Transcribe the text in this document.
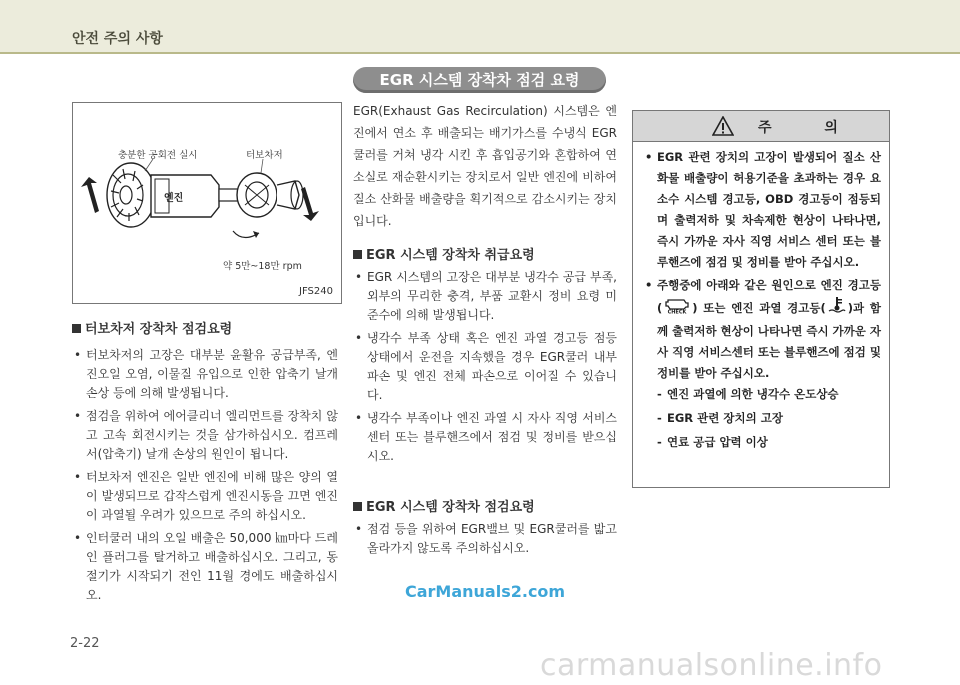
안전 주의 사항
충분한 공회전 실시	터보차저
엔진
약 5만~18만 rpm
JFS240
터보차저 장착차 점검요령
• 터보차저의 고장은 대부분 윤활유 공급부족, 엔진오일 오염, 이물질 유입으로 인한 압축기 날개 손상 등에 의해 발생됩니다.
• 점검을 위하여 에어클리너 엘리먼트를 장착치 않고 고속 회전시키는 것을 삼가하십시오. 컴프레서(압축기) 날개 손상의 원인이 됩니다.
• 터보차저 엔진은 일반 엔진에 비해 많은 양의 열이 발생되므로 갑작스럽게 엔진시동을 끄면 엔진이 과열될 우려가 있으므로 주의 하십시오.
• 인터쿨러 내의 오일 배출은 50,000 ㎞마다 드레인 플러그를 탈거하고 배출하십시오. 그리고, 동절기가 시작되기 전인 11월 경에도 배출하십시오.
EGR 시스템 장착차 점검 요령

EGR(Exhaust Gas Recirculation) 시스템은 엔진에서 연소 후 배출되는 배기가스를 수냉식 EGR 쿨러를 거쳐 냉각 시킨 후 흡입공기와 혼합하여 연소실로 재순환시키는 장치로서 일반 엔진에 비하여 질소 산화물 배출량을 획기적으로 감소시키는 장치 입니다.

EGR 시스템 장착차 취급요령
• EGR 시스템의 고장은 대부분 냉각수 공급 부족, 외부의 무리한 충격, 부품 교환시 정비 요령 미 준수에 의해 발생됩니다.
• 냉각수 부족 상태 혹은 엔진 과열 경고등 점등 상태에서 운전을 지속했을 경우 EGR쿨러 내부 파손 및 엔진 전체 파손으로 이어질 수 있습니다.
• 냉각수 부족이나 엔진 과열 시 자사 직영 서비스센터 또는 블루핸즈에서 점검 및 정비를 받으십시오.
EGR 시스템 장착차 점검요령
• 점검 등을 위하여 EGR밸브 및 EGR쿨러를 밟고 올라가지 않도록 주의하십시오.
주 의
• EGR 관련 장치의 고장이 발생되어 질소 산화물 배출량이 허용기준을 초과하는 경우 요소수 시스템 경고등, OBD 경고등이 점등되며 출력저하 및 차속제한 현상이 나타나면, 즉시 가까운 자사 직영 서비스 센터 또는 블루핸즈에 점검 및 정비를 받아 주십시오.
• 주행중에 아래와 같은 원인으로 엔진 경고등( CHECK ) 또는 엔진 과열 경고등( )과 함께 출력저하 현상이 나타나면 즉시 가까운 자사 직영 서비스센터 또는 블루핸즈에 점검 및 정비를 받아 주십시오.
- 엔진 과열에 의한 냉각수 온도상승
- EGR 관련 장치의 고장
- 연료 공급 압력 이상
CarManuals2.com
carmanualsonline.info
2-22
